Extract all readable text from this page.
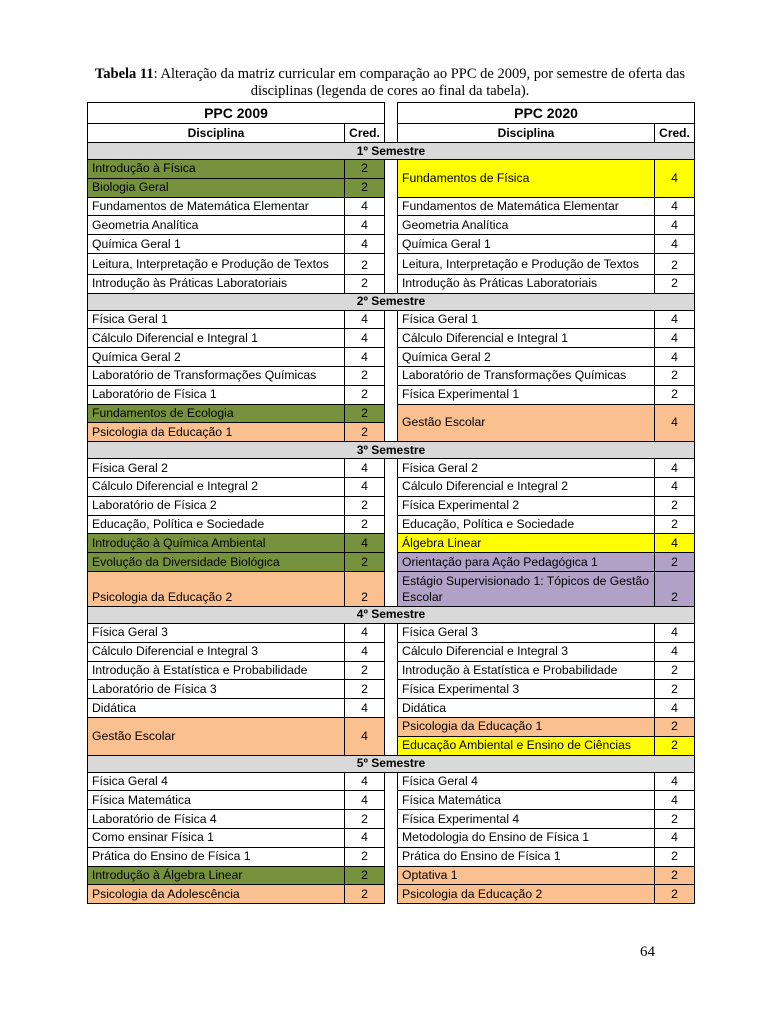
Tabela 11: Alteração da matriz curricular em comparação ao PPC de 2009, por semestre de oferta das disciplinas (legenda de cores ao final da tabela).
PPC 2009			PPC 2020	
Disciplina	Cred.		Disciplina	Cred.
1º Semestre				
Introdução à Física	2		Fundamentos de Física	4
Biologia Geral	2			
Fundamentos de Matemática Elementar	4		Fundamentos de Matemática Elementar	4
Geometria Analítica	4		Geometria Analítica	4
Química Geral 1	4		Química Geral 1	4
Leitura, Interpretação e Produção de Textos	2		Leitura, Interpretação e Produção de Textos	2
Introdução às Práticas Laboratoriais	2		Introdução às Práticas Laboratoriais	2
2º Semestre				
Física Geral 1	4		Física Geral 1	4
Cálculo Diferencial e Integral 1	4		Cálculo Diferencial e Integral 1	4
Química Geral 2	4		Química Geral 2	4
Laboratório de Transformações Químicas	2		Laboratório de Transformações Químicas	2
Laboratório de Física 1	2		Física Experimental 1	2
Fundamentos de Ecologia	2		Gestão Escolar	4
Psicologia da Educação 1	2			
3º Semestre				
Física Geral 2	4		Física Geral 2	4
Cálculo Diferencial e Integral 2	4		Cálculo Diferencial e Integral 2	4
Laboratório de Física 2	2		Física Experimental 2	2
Educação, Política e Sociedade	2		Educação, Política e Sociedade	2
Introdução à Química Ambiental	4		Álgebra Linear	4
Evolução da Diversidade Biológica	2		Orientação para Ação Pedagógica 1	2
Psicologia da Educação 2	2		Estágio Supervisionado 1: Tópicos de Gestão Escolar	2
4º Semestre				
Física Geral 3	4		Física Geral 3	4
Cálculo Diferencial e Integral 3	4		Cálculo Diferencial e Integral 3	4
Introdução à Estatística e Probabilidade	2		Introdução à Estatística e Probabilidade	2
Laboratório de Física 3	2		Física Experimental 3	2
Didática	4		Didática	4
Gestão Escolar	4		Psicologia da Educação 1	2
			Educação Ambiental e Ensino de Ciências	2
5º Semestre				
Física Geral 4	4		Física Geral 4	4
Física Matemática	4		Física Matemática	4
Laboratório de Física 4	2		Física Experimental 4	2
Como ensinar Física 1	4		Metodologia do Ensino de Física 1	4
Prática do Ensino de Física 1	2		Prática do Ensino de Física 1	2
Introdução à Álgebra Linear	2		Optativa 1	2
Psicologia da Adolescência	2		Psicologia da Educação 2	2
64
